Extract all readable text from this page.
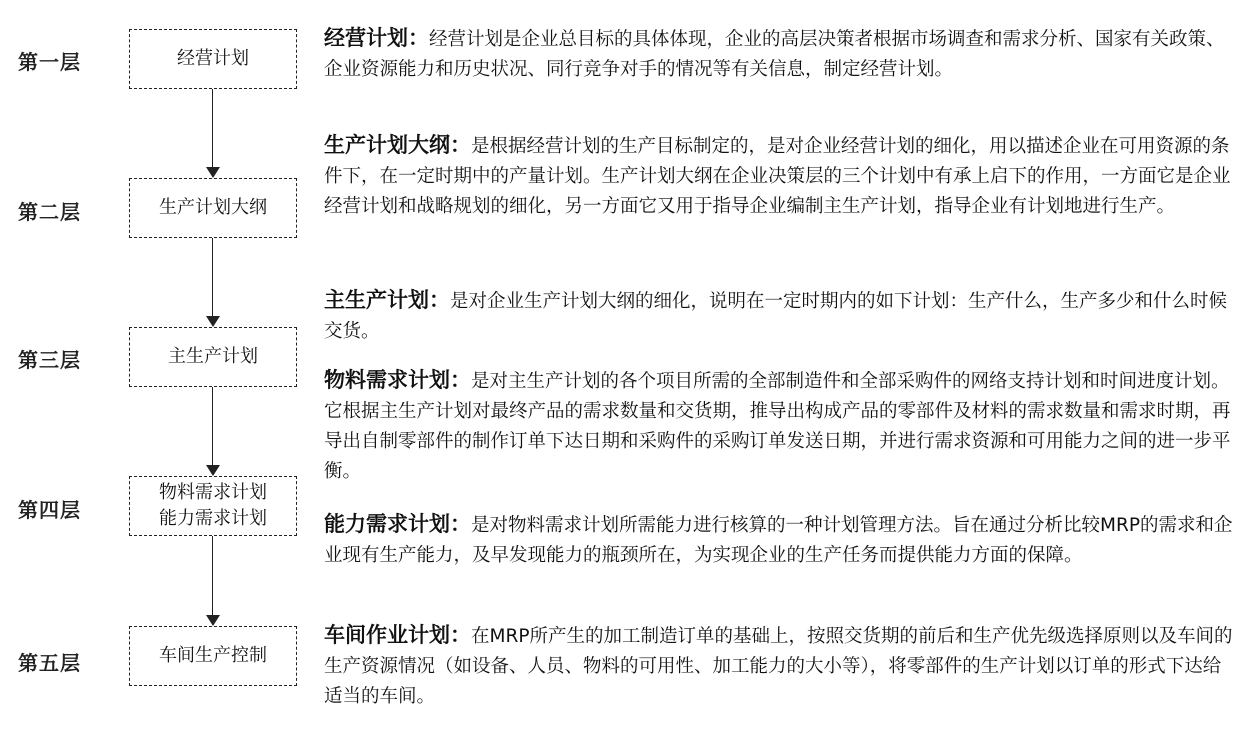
第一层
第二层
第三层
第四层
第五层
经营计划
生产计划大纲
主生产计划
物料需求计划
能力需求计划
车间生产控制

经营计划：经营计划是企业总目标的具体体现，企业的高层决策者根据市场调查和需求分析、国家有关政策、企业资源能力和历史状况、同行竞争对手的情况等有关信息，制定经营计划。

生产计划大纲：是根据经营计划的生产目标制定的，是对企业经营计划的细化，用以描述企业在可用资源的条件下，在一定时期中的产量计划。生产计划大纲在企业决策层的三个计划中有承上启下的作用，一方面它是企业经营计划和战略规划的细化，另一方面它又用于指导企业编制主生产计划，指导企业有计划地进行生产。

主生产计划：是对企业生产计划大纲的细化，说明在一定时期内的如下计划：生产什么，生产多少和什么时候交货。

物料需求计划：是对主生产计划的各个项目所需的全部制造件和全部采购件的网络支持计划和时间进度计划。它根据主生产计划对最终产品的需求数量和交货期，推导出构成产品的零部件及材料的需求数量和需求时期，再导出自制零部件的制作订单下达日期和采购件的采购订单发送日期，并进行需求资源和可用能力之间的进一步平衡。

能力需求计划：是对物料需求计划所需能力进行核算的一种计划管理方法。旨在通过分析比较MRP的需求和企业现有生产能力，及早发现能力的瓶颈所在，为实现企业的生产任务而提供能力方面的保障。

车间作业计划：在MRP所产生的加工制造订单的基础上，按照交货期的前后和生产优先级选择原则以及车间的生产资源情况（如设备、人员、物料的可用性、加工能力的大小等），将零部件的生产计划以订单的形式下达给适当的车间。
